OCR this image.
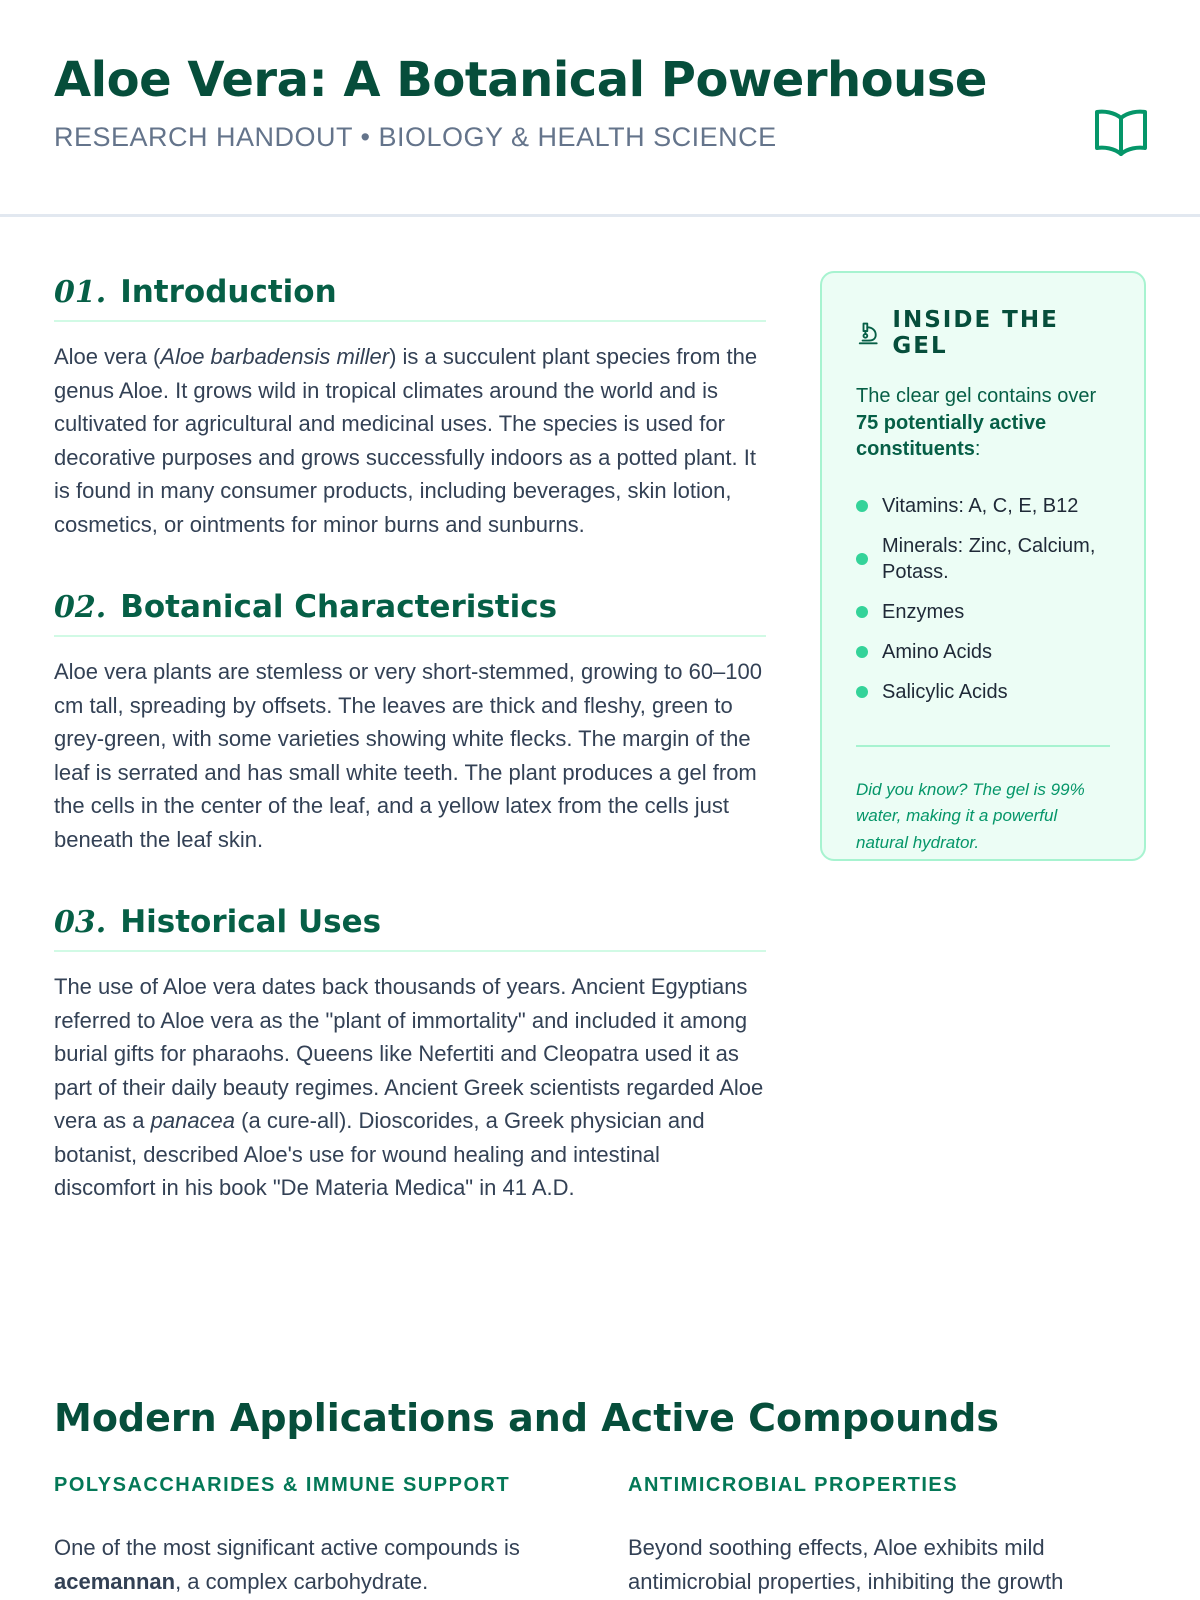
Aloe Vera: A Botanical Powerhouse
RESEARCH HANDOUT • BIOLOGY & HEALTH SCIENCE
01. Introduction

Aloe vera (Aloe barbadensis miller) is a succulent plant species from the genus Aloe. It grows wild in tropical climates around the world and is cultivated for agricultural and medicinal uses. The species is used for decorative purposes and grows successfully indoors as a potted plant. It is found in many consumer products, including beverages, skin lotion, cosmetics, or ointments for minor burns and sunburns.

02. Botanical Characteristics

Aloe vera plants are stemless or very short-stemmed, growing to 60–100 cm tall, spreading by offsets. The leaves are thick and fleshy, green to grey-green, with some varieties showing white flecks. The margin of the leaf is serrated and has small white teeth. The plant produces a gel from the cells in the center of the leaf, and a yellow latex from the cells just beneath the leaf skin.

03. Historical Uses

The use of Aloe vera dates back thousands of years. Ancient Egyptians referred to Aloe vera as the "plant of immortality" and included it among burial gifts for pharaohs. Queens like Nefertiti and Cleopatra used it as part of their daily beauty regimes. Ancient Greek scientists regarded Aloe vera as a panacea (a cure-all). Dioscorides, a Greek physician and botanist, described Aloe's use for wound healing and intestinal discomfort in his book "De Materia Medica" in 41 A.D.

INSIDE THE GEL
The clear gel contains over 75 potentially active constituents:
Vitamins: A, C, E, B12
Minerals: Zinc, Calcium, Potass.
Enzymes
Amino Acids
Salicylic Acids
Did you know? The gel is 99% water, making it a powerful natural hydrator.
Modern Applications and Active Compounds
POLYSACCHARIDES & IMMUNE SUPPORT
One of the most significant active compounds is acemannan, a complex carbohydrate.
ANTIMICROBIAL PROPERTIES
Beyond soothing effects, Aloe exhibits mild antimicrobial properties, inhibiting the growth
